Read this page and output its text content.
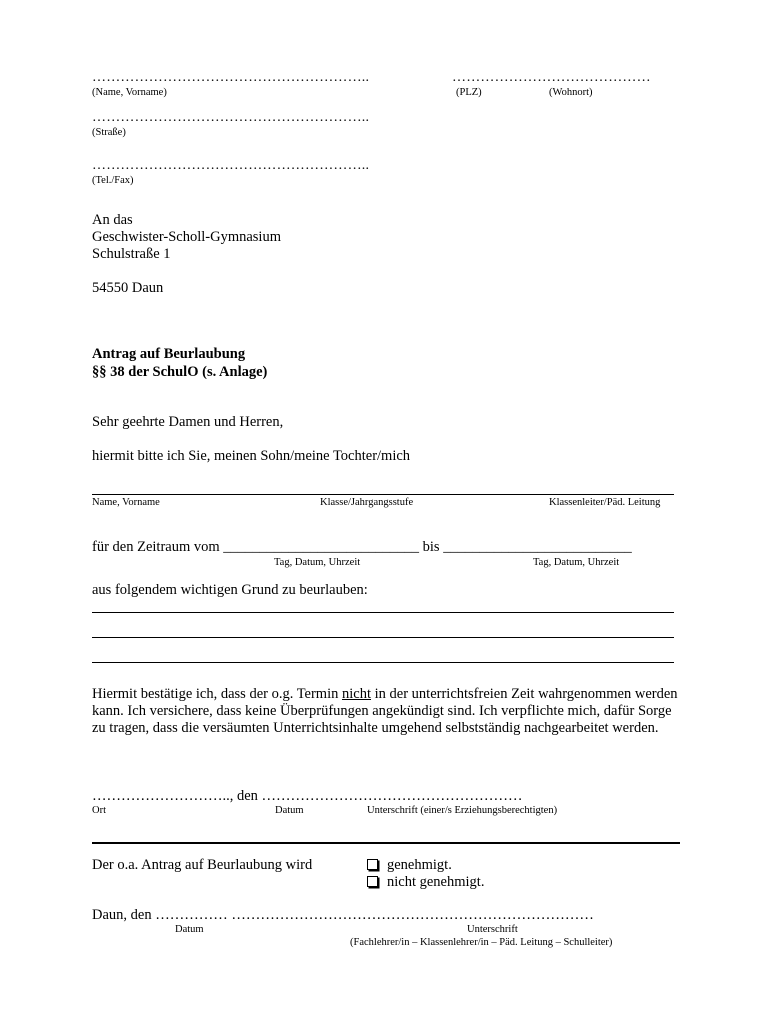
…………………………………………………..	……………………………………
(Name, Vorname)	(PLZ)	(Wohnort)
…………………………………………………..
(Straße)
…………………………………………………..
(Tel./Fax)
An das
Geschwister-Scholl-Gymnasium
Schulstraße 1
54550 Daun
Antrag auf Beurlaubung
§§ 38 der SchulO (s. Anlage)
Sehr geehrte Damen und Herren,
hiermit bitte ich Sie, meinen Sohn/meine Tochter/mich
Name, Vorname	Klasse/Jahrgangsstufe	Klassenleiter/Päd. Leitung
für den Zeitraum vom ___________________________ bis __________________________
Tag, Datum, Uhrzeit	Tag, Datum, Uhrzeit
aus folgendem wichtigen Grund zu beurlauben:

Hiermit bestätige ich, dass der o.g. Termin nicht in der unterrichtsfreien Zeit wahrgenommen werden kann. Ich versichere, dass keine Überprüfungen angekündigt sind. Ich verpflichte mich, dafür Sorge zu tragen, dass die versäumten Unterrichtsinhalte umgehend selbstständig nachgearbeitet werden.

……………………….., den ………………………………………………
Ort	Datum	Unterschrift (einer/s Erziehungsberechtigten)
Der o.a. Antrag auf Beurlaubung wird	genehmigt.
nicht genehmigt.
Daun, den …………… …………………………………………………………………
Datum	Unterschrift
(Fachlehrer/in – Klassenlehrer/in – Päd. Leitung – Schulleiter)
